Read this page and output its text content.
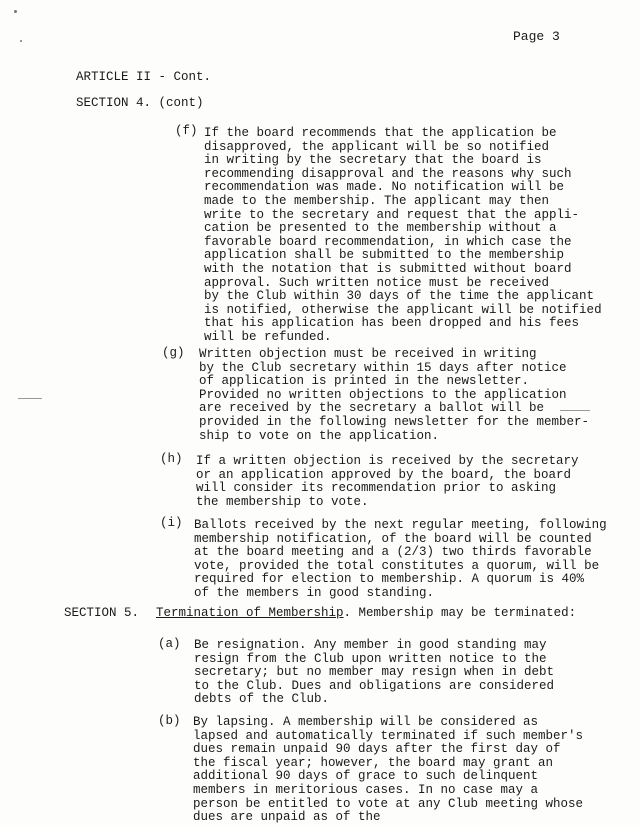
Page 3
ARTICLE II - Cont.
SECTION 4. (cont)
(f) If the board recommends that the application be
disapproved, the applicant will be so notified
in writing by the secretary that the board is
recommending disapproval and the reasons why such
recommendation was made. No notification will be
made to the membership. The applicant may then
write to the secretary and request that the appli-
cation be presented to the membership without a
favorable board recommendation, in which case the
application shall be submitted to the membership
with the notation that is submitted without board
approval. Such written notice must be received
by the Club within 30 days of the time the applicant
is notified, otherwise the applicant will be notified
that his application has been dropped and his fees
will be refunded.
(g) Written objection must be received in writing
by the Club secretary within 15 days after notice
of application is printed in the newsletter.
Provided no written objections to the application
are received by the secretary a ballot will be
provided in the following newsletter for the member-
ship to vote on the application.
(h) If a written objection is received by the secretary
or an application approved by the board, the board
will consider its recommendation prior to asking
the membership to vote.
(i) Ballots received by the next regular meeting, following
membership notification, of the board will be counted
at the board meeting and a (2/3) two thirds favorable
vote, provided the total constitutes a quorum, will be
required for election to membership. A quorum is 40%
of the members in good standing.
SECTION 5. Termination of Membership. Membership may be terminated:
(a) Be resignation. Any member in good standing may
resign from the Club upon written notice to the
secretary; but no member may resign when in debt
to the Club. Dues and obligations are considered
debts of the Club.
(b) By lapsing. A membership will be considered as
lapsed and automatically terminated if such member's
dues remain unpaid 90 days after the first day of
the fiscal year; however, the board may grant an
additional 90 days of grace to such delinquent
members in meritorious cases. In no case may a
person be entitled to vote at any Club meeting whose
dues are unpaid as of the
